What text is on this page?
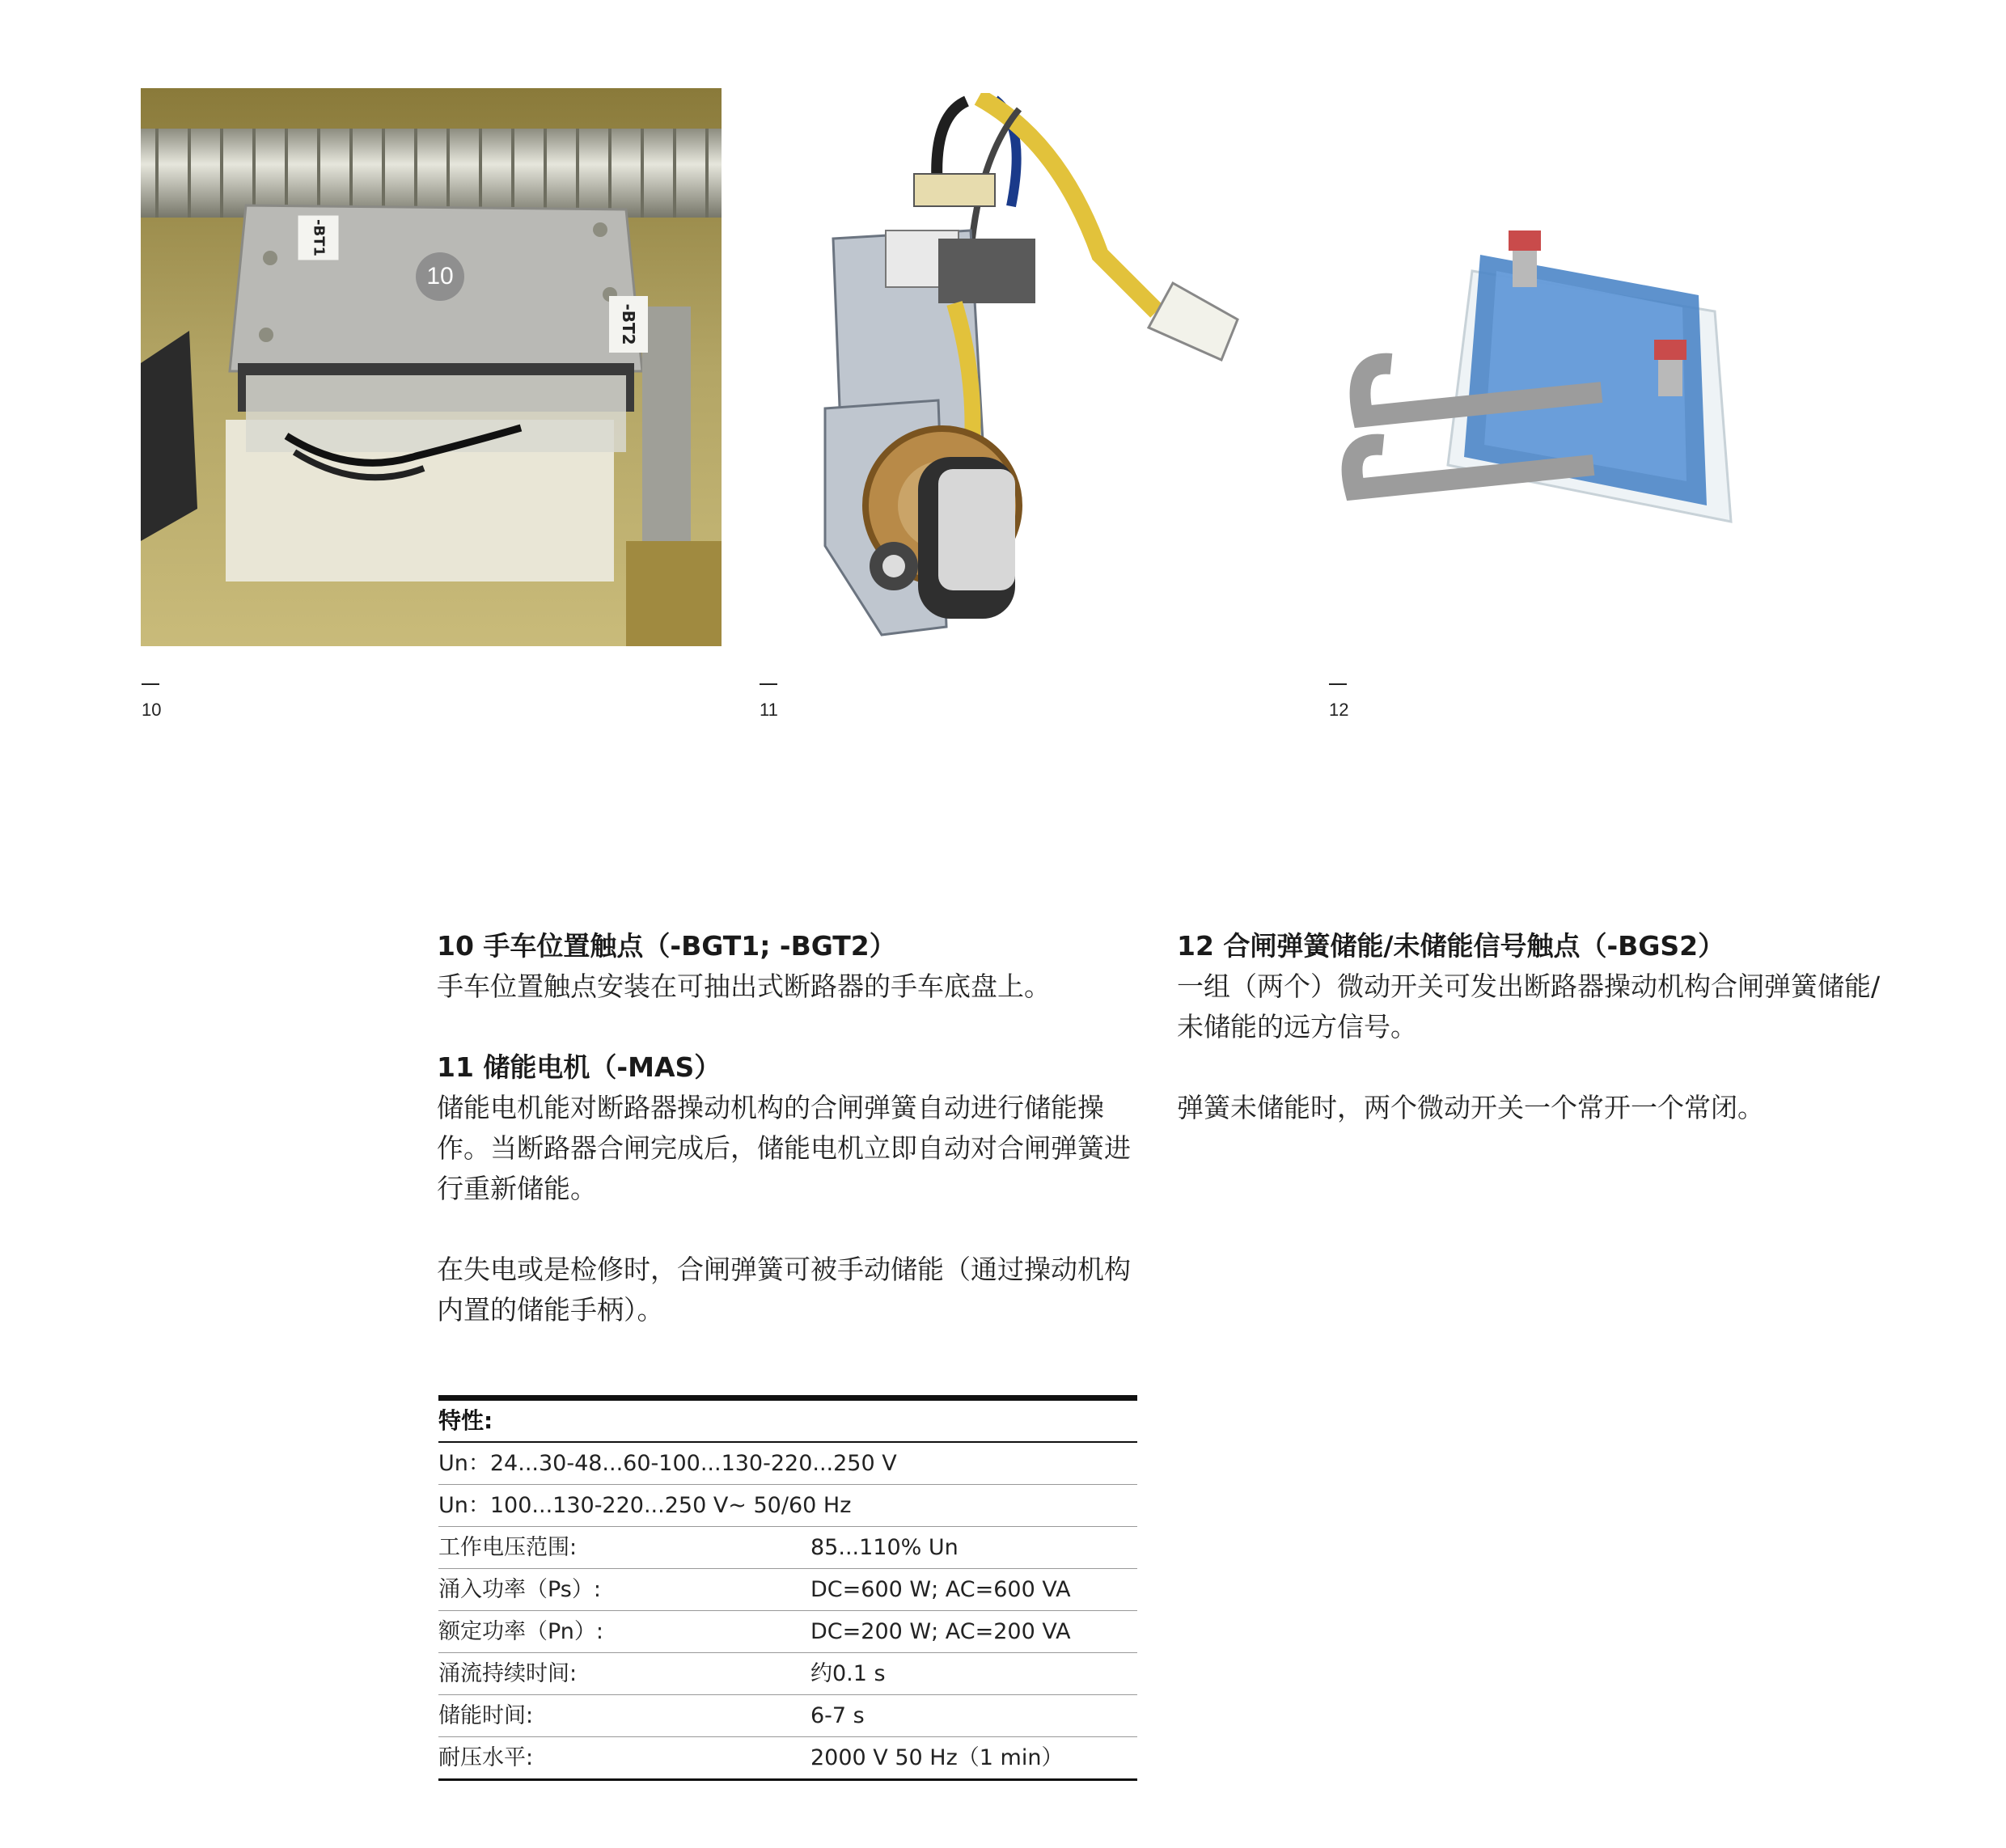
-BT1
-BT2
10
10	11	12
10 手车位置触点（-BGT1; -BGT2）

手车位置触点安装在可抽出式断路器的手车底盘上。

11 储能电机（-MAS）

储能电机能对断路器操动机构的合闸弹簧自动进行储能操作。当断路器合闸完成后，储能电机立即自动对合闸弹簧进行重新储能。

在失电或是检修时，合闸弹簧可被手动储能（通过操动机构内置的储能手柄）。

12 合闸弹簧储能/未储能信号触点（-BGS2）

一组（两个）微动开关可发出断路器操动机构合闸弹簧储能/未储能的远方信号。

弹簧未储能时，两个微动开关一个常开一个常闭。

特性:
Un：24...30-48...60-100...130-220...250 V
Un：100...130-220...250 V~ 50/60 Hz
工作电压范围:	85...110% Un
涌入功率（Ps）:	DC=600 W; AC=600 VA
额定功率（Pn）:	DC=200 W; AC=200 VA
涌流持续时间:	约0.1 s
储能时间:	6-7 s
耐压水平:	2000 V 50 Hz（1 min）
